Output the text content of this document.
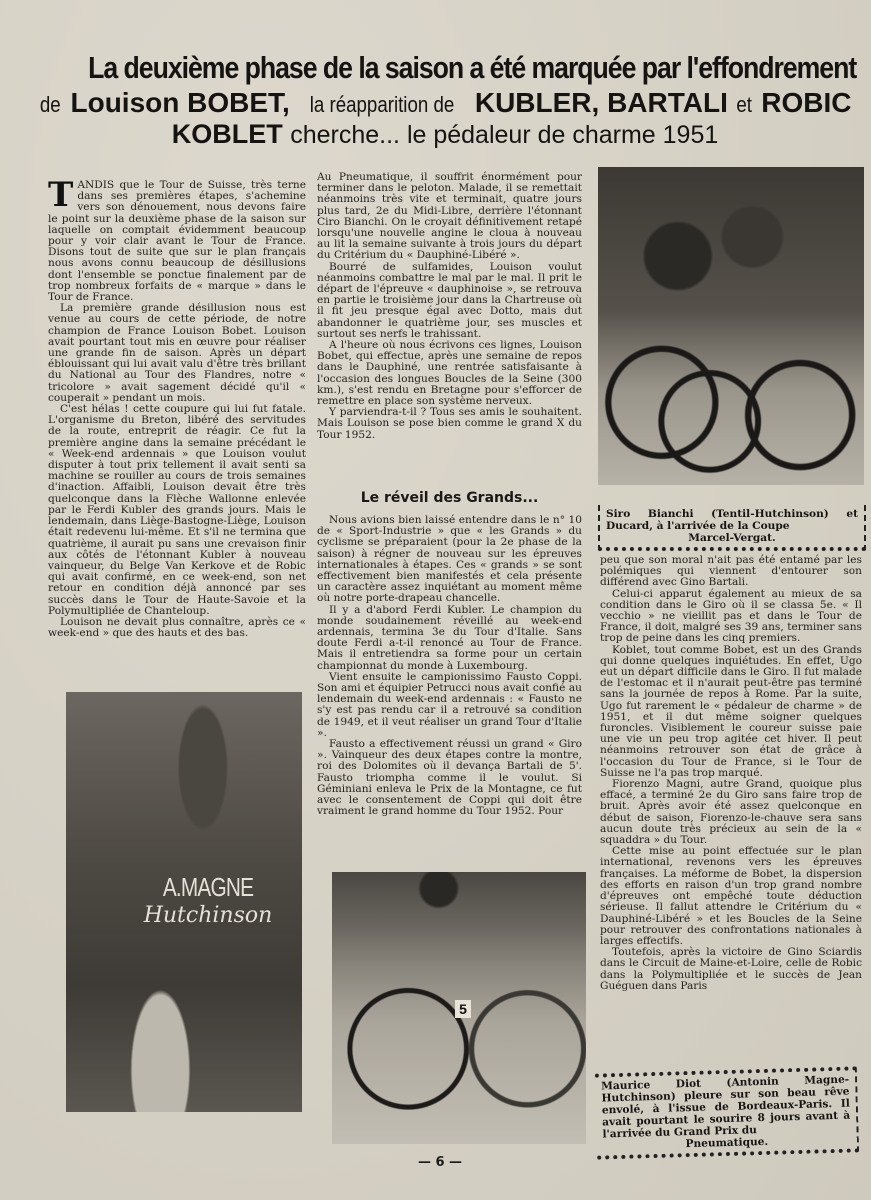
La deuxième phase de la saison a été marquée par l'effondrement
de Louison BOBET, la réapparition de KUBLER, BARTALI et ROBIC
KOBLET cherche... le pédaleur de charme 1951

TANDIS que le Tour de Suisse, très terne dans ses premières étapes, s'achemine vers son dénouement, nous devons faire le point sur la deuxième phase de la saison sur laquelle on comptait évidemment beaucoup pour y voir clair avant le Tour de France. Disons tout de suite que sur le plan français nous avons connu beaucoup de désillusions dont l'ensemble se ponctue finalement par de trop nombreux forfaits de « marque » dans le Tour de France.

La première grande désillusion nous est venue au cours de cette période, de notre champion de France Louison Bobet. Louison avait pourtant tout mis en œuvre pour réaliser une grande fin de saison. Après un départ éblouissant qui lui avait valu d'être très brillant du National au Tour des Flandres, notre « tricolore » avait sagement décidé qu'il « couperait » pendant un mois.

C'est hélas ! cette coupure qui lui fut fatale. L'organisme du Breton, libéré des servitudes de la route, entreprit de réagir. Ce fut la première angine dans la semaine précédant le « Week-end ardennais » que Louison voulut disputer à tout prix tellement il avait senti sa machine se rouiller au cours de trois semaines d'inaction. Affaibli, Louison devait être très quelconque dans la Flèche Wallonne enlevée par le Ferdi Kubler des grands jours. Mais le lendemain, dans Liège-Bastogne-Liège, Louison était redevenu lui-même. Et s'il ne termina que quatrième, il aurait pu sans une crevaison finir aux côtés de l'étonnant Kubler à nouveau vainqueur, du Belge Van Kerkove et de Robic qui avait confirmé, en ce week-end, son net retour en condition déjà annoncé par ses succès dans le Tour de Haute-Savoie et la Polymultipliée de Chanteloup.

Louison ne devait plus connaître, après ce « week-end » que des hauts et des bas.

Au Pneumatique, il souffrit énormément pour terminer dans le peloton. Malade, il se remettait néanmoins très vite et terminait, quatre jours plus tard, 2e du Midi-Libre, derrière l'étonnant Ciro Bianchi. On le croyait définitivement retapé lorsqu'une nouvelle angine le cloua à nouveau au lit la semaine suivante à trois jours du départ du Critérium du « Dauphiné-Libéré ».

Bourré de sulfamides, Louison voulut néanmoins combattre le mal par le mal. Il prit le départ de l'épreuve « dauphinoise », se retrouva en partie le troisième jour dans la Chartreuse où il fit jeu presque égal avec Dotto, mais dut abandonner le quatrième jour, ses muscles et surtout ses nerfs le trahissant.

A l'heure où nous écrivons ces lignes, Louison Bobet, qui effectue, après une semaine de repos dans le Dauphiné, une rentrée satisfaisante à l'occasion des longues Boucles de la Seine (300 km.), s'est rendu en Bretagne pour s'efforcer de remettre en place son système nerveux.

Y parviendra-t-il ? Tous ses amis le souhaitent. Mais Louison se pose bien comme le grand X du Tour 1952.

Le réveil des Grands...

Nous avions bien laissé entendre dans le n° 10 de « Sport-Industrie » que « les Grands » du cyclisme se préparaient (pour la 2e phase de la saison) à régner de nouveau sur les épreuves internationales à étapes. Ces « grands » se sont effectivement bien manifestés et cela présente un caractère assez inquiétant au moment même où notre porte-drapeau chancelle.

Il y a d'abord Ferdi Kubler. Le champion du monde soudainement réveillé au week-end ardennais, termina 3e du Tour d'Italie. Sans doute Ferdi a-t-il renoncé au Tour de France. Mais il entretiendra sa forme pour un certain championnat du monde à Luxembourg.

Vient ensuite le campionissimo Fausto Coppi. Son ami et équipier Petrucci nous avait confié au lendemain du week-end ardennais : « Fausto ne s'y est pas rendu car il a retrouvé sa condition de 1949, et il veut réaliser un grand Tour d'Italie ».

Fausto a effectivement réussi un grand « Giro ». Vainqueur des deux étapes contre la montre, roi des Dolomites où il devança Bartali de 5'. Fausto triompha comme il le voulut. Si Géminiani enleva le Prix de la Montagne, ce fut avec le consentement de Coppi qui doit être vraiment le grand homme du Tour 1952. Pour

Siro Bianchi (Tentil-Hutchinson) et Ducard, à l'arrivée de la Coupe
Marcel-Vergat.

peu que son moral n'ait pas été entamé par les polémiques qui viennent d'entourer son différend avec Gino Bartali.

Celui-ci apparut également au mieux de sa condition dans le Giro où il se classa 5e. « Il vecchio » ne vieillit pas et dans le Tour de France, il doit, malgré ses 39 ans, terminer sans trop de peine dans les cinq premiers.

Koblet, tout comme Bobet, est un des Grands qui donne quelques inquiétudes. En effet, Ugo eut un départ difficile dans le Giro. Il fut malade de l'estomac et il n'aurait peut-être pas terminé sans la journée de repos à Rome. Par la suite, Ugo fut rarement le « pédaleur de charme » de 1951, et il dut même soigner quelques furoncles. Visiblement le coureur suisse paie une vie un peu trop agitée cet hiver. Il peut néanmoins retrouver son état de grâce à l'occasion du Tour de France, si le Tour de Suisse ne l'a pas trop marqué.

Fiorenzo Magni, autre Grand, quoique plus effacé, a terminé 2e du Giro sans faire trop de bruit. Après avoir été assez quelconque en début de saison, Fiorenzo-le-chauve sera sans aucun doute très précieux au sein de la « squaddra » du Tour.

Cette mise au point effectuée sur le plan international, revenons vers les épreuves françaises. La méforme de Bobet, la dispersion des efforts en raison d'un trop grand nombre d'épreuves ont empêché toute déduction sérieuse. Il fallut attendre le Critérium du « Dauphiné-Libéré » et les Boucles de la Seine pour retrouver des confrontations nationales à larges effectifs.

Toutefois, après la victoire de Gino Sciardis dans le Circuit de Maine-et-Loire, celle de Robic dans la Polymultipliée et le succès de Jean Guéguen dans Paris

A.MAGNE
Hutchinson
5
Maurice Diot (Antonin Magne-Hutchinson) pleure sur son beau rêve envolé, à l'issue de Bordeaux-Paris. Il avait pourtant le sourire 8 jours avant à l'arrivée du Grand Prix du
Pneumatique.
— 6 —
